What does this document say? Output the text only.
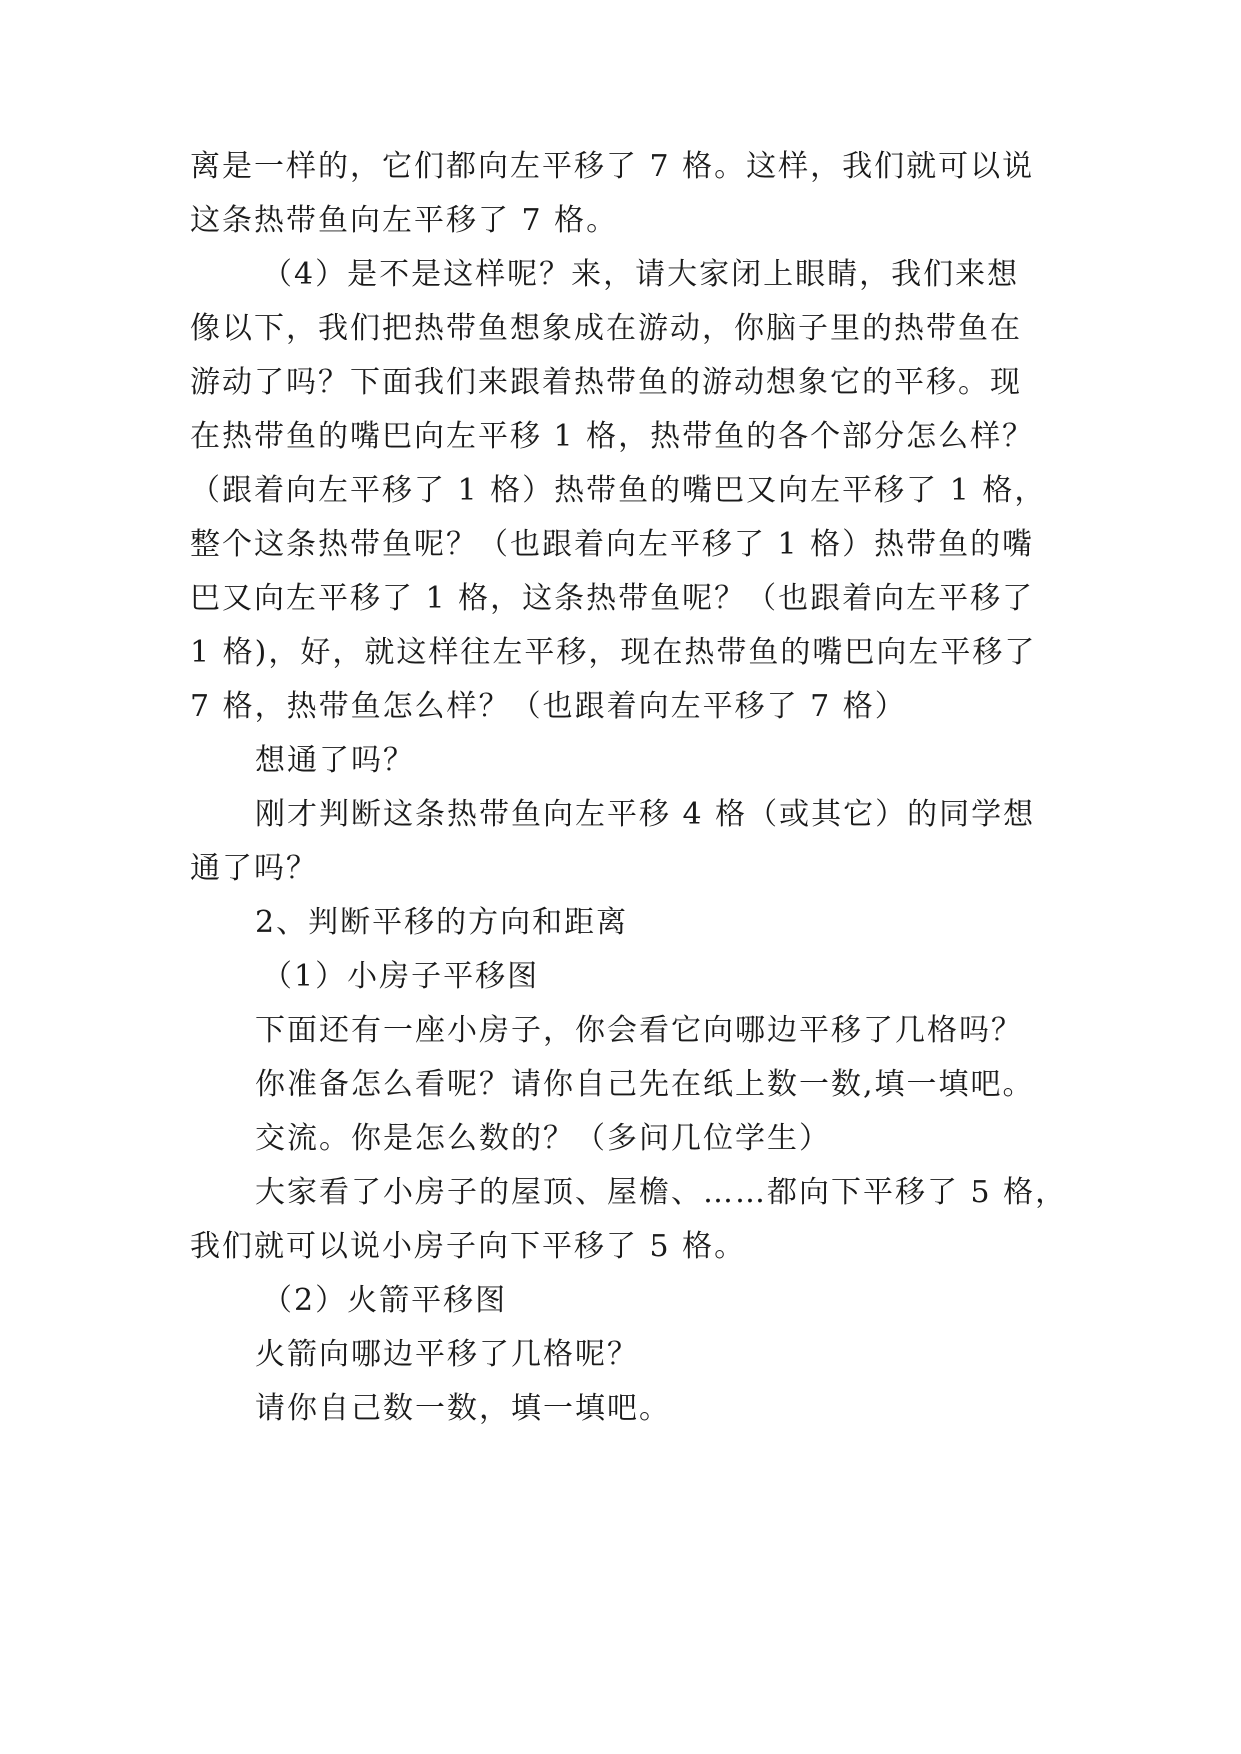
离是一样的，它们都向左平移了 7 格。这样，我们就可以说
这条热带鱼向左平移了 7 格。
（4）是不是这样呢？来，请大家闭上眼睛，我们来想
像以下，我们把热带鱼想象成在游动，你脑子里的热带鱼在
游动了吗？下面我们来跟着热带鱼的游动想象它的平移。现
在热带鱼的嘴巴向左平移 1 格，热带鱼的各个部分怎么样？
（跟着向左平移了 1 格）热带鱼的嘴巴又向左平移了 1 格，
整个这条热带鱼呢？（也跟着向左平移了 1 格）热带鱼的嘴
巴又向左平移了 1 格，这条热带鱼呢？（也跟着向左平移了
1 格)，好，就这样往左平移，现在热带鱼的嘴巴向左平移了
7 格，热带鱼怎么样？（也跟着向左平移了 7 格）
想通了吗？
刚才判断这条热带鱼向左平移 4 格（或其它）的同学想
通了吗？
2、判断平移的方向和距离
（1）小房子平移图
下面还有一座小房子，你会看它向哪边平移了几格吗？
你准备怎么看呢？请你自己先在纸上数一数,填一填吧。
交流。你是怎么数的？（多问几位学生）
大家看了小房子的屋顶、屋檐、……都向下平移了 5 格，
我们就可以说小房子向下平移了 5 格。
（2）火箭平移图
火箭向哪边平移了几格呢？
请你自己数一数，填一填吧。
